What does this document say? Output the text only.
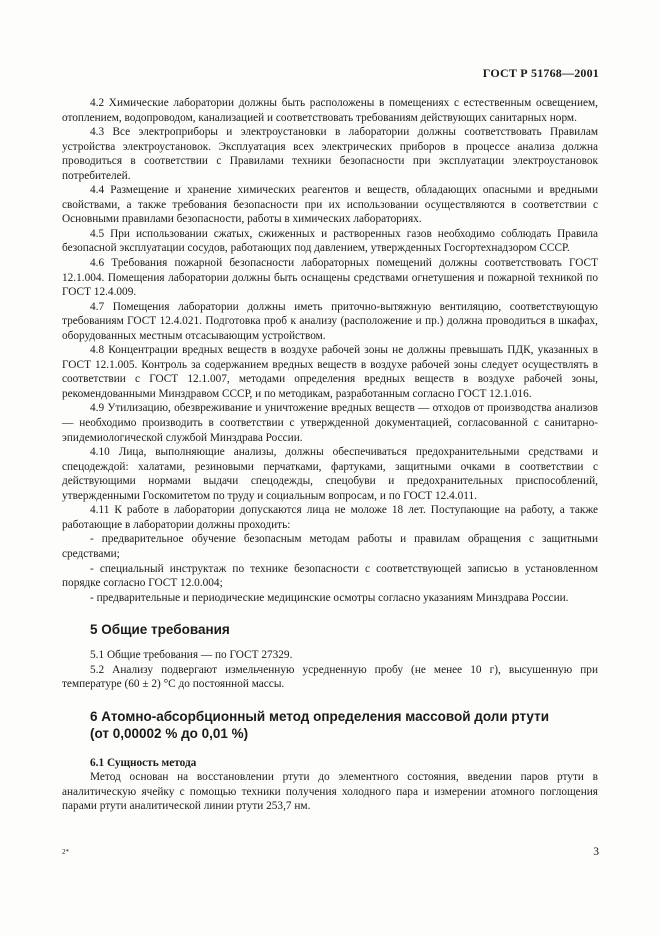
ГОСТ Р 51768—2001

4.2 Химические лаборатории должны быть расположены в помещениях с естественным освещением, отоплением, водопроводом, канализацией и соответствовать требованиям действующих санитарных норм.

4.3 Все электроприборы и электроустановки в лаборатории должны соответствовать Правилам устройства электроустановок. Эксплуатация всех электрических приборов в процессе анализа должна проводиться в соответствии с Правилами техники безопасности при эксплуатации электроустановок потребителей.

4.4 Размещение и хранение химических реагентов и веществ, обладающих опасными и вредными свойствами, а также требования безопасности при их использовании осуществляются в соответствии с Основными правилами безопасности, работы в химических лабораториях.

4.5 При использовании сжатых, сжиженных и растворенных газов необходимо соблюдать Правила безопасной эксплуатации сосудов, работающих под давлением, утвержденных Госгортехнадзором СССР.

4.6 Требования пожарной безопасности лабораторных помещений должны соответствовать ГОСТ 12.1.004. Помещения лаборатории должны быть оснащены средствами огнетушения и пожарной техникой по ГОСТ 12.4.009.

4.7 Помещения лаборатории должны иметь приточно-вытяжную вентиляцию, соответствующую требованиям ГОСТ 12.4.021. Подготовка проб к анализу (расположение и пр.) должна проводиться в шкафах, оборудованных местным отсасывающим устройством.

4.8 Концентрации вредных веществ в воздухе рабочей зоны не должны превышать ПДК, указанных в ГОСТ 12.1.005. Контроль за содержанием вредных веществ в воздухе рабочей зоны следует осуществлять в соответствии с ГОСТ 12.1.007, методами определения вредных веществ в воздухе рабочей зоны, рекомендованными Минздравом СССР, и по методикам, разработанным согласно ГОСТ 12.1.016.

4.9 Утилизацию, обезвреживание и уничтожение вредных веществ — отходов от производства анализов — необходимо производить в соответствии с утвержденной документацией, согласованной с санитарно-эпидемиологической службой Минздрава России.

4.10 Лица, выполняющие анализы, должны обеспечиваться предохранительными средствами и спецодеждой: халатами, резиновыми перчатками, фартуками, защитными очками в соответствии с действующими нормами выдачи спецодежды, спецобуви и предохранительных приспособлений, утвержденными Госкомитетом по труду и социальным вопросам, и по ГОСТ 12.4.011.

4.11 К работе в лаборатории допускаются лица не моложе 18 лет. Поступающие на работу, а также работающие в лаборатории должны проходить:

- предварительное обучение безопасным методам работы и правилам обращения с защитными средствами;

- специальный инструктаж по технике безопасности с соответствующей записью в установленном порядке согласно ГОСТ 12.0.004;

- предварительные и периодические медицинские осмотры согласно указаниям Минздрава России.

5 Общие требования

5.1 Общие требования — по ГОСТ 27329.

5.2 Анализу подвергают измельченную усредненную пробу (не менее 10 г), высушенную при температуре (60 ± 2) °С до постоянной массы.

6 Атомно-абсорбционный метод определения массовой доли ртути
(от 0,00002 % до 0,01 %)
6.1 Сущность метода

Метод основан на восстановлении ртути до элементного состояния, введении паров ртути в аналитическую ячейку с помощью техники получения холодного пара и измерении атомного поглощения парами ртути аналитической линии ртути 253,7 нм.

2*	3
